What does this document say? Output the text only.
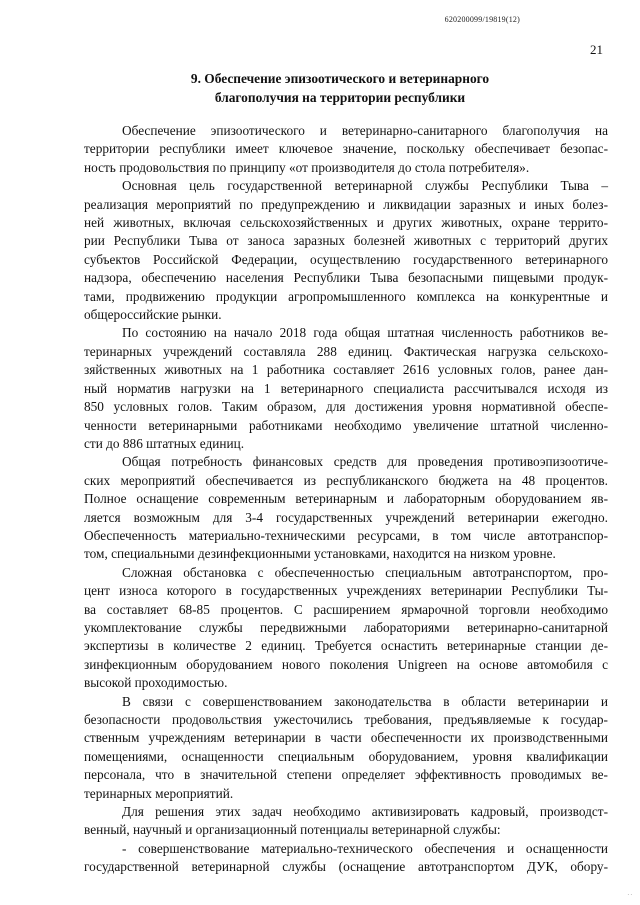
620200099/19819(12)
21
9. Обеспечение эпизоотического и ветеринарного
благополучия на территории республики
Обеспечение эпизоотического и ветеринарно-санитарного благополучия на
территории республики имеет ключевое значение, поскольку обеспечивает безопас-
ность продовольствия по принципу «от производителя до стола потребителя».
Основная цель государственной ветеринарной службы Республики Тыва –
реализация мероприятий по предупреждению и ликвидации заразных и иных болез-
ней животных, включая сельскохозяйственных и других животных, охране террито-
рии Республики Тыва от заноса заразных болезней животных с территорий других
субъектов Российской Федерации, осуществлению государственного ветеринарного
надзора, обеспечению населения Республики Тыва безопасными пищевыми продук-
тами, продвижению продукции агропромышленного комплекса на конкурентные и
общероссийские рынки.
По состоянию на начало 2018 года общая штатная численность работников ве-
теринарных учреждений составляла 288 единиц. Фактическая нагрузка сельскохо-
зяйственных животных на 1 работника составляет 2616 условных голов, ранее дан-
ный норматив нагрузки на 1 ветеринарного специалиста рассчитывался исходя из
850 условных голов. Таким образом, для достижения уровня нормативной обеспе-
ченности ветеринарными работниками необходимо увеличение штатной численно-
сти до 886 штатных единиц.
Общая потребность финансовых средств для проведения противоэпизоотиче-
ских мероприятий обеспечивается из республиканского бюджета на 48 процентов.
Полное оснащение современным ветеринарным и лабораторным оборудованием яв-
ляется возможным для 3-4 государственных учреждений ветеринарии ежегодно.
Обеспеченность материально-техническими ресурсами, в том числе автотранспор-
том, специальными дезинфекционными установками, находится на низком уровне.
Сложная обстановка с обеспеченностью специальным автотранспортом, про-
цент износа которого в государственных учреждениях ветеринарии Республики Ты-
ва составляет 68-85 процентов. С расширением ярмарочной торговли необходимо
укомплектование службы передвижными лабораториями ветеринарно-санитарной
экспертизы в количестве 2 единиц. Требуется оснастить ветеринарные станции де-
зинфекционным оборудованием нового поколения Unigreen на основе автомобиля с
высокой проходимостью.
В связи с совершенствованием законодательства в области ветеринарии и
безопасности продовольствия ужесточились требования, предъявляемые к государ-
ственным учреждениям ветеринарии в части обеспеченности их производственными
помещениями, оснащенности специальным оборудованием, уровня квалификации
персонала, что в значительной степени определяет эффективность проводимых ве-
теринарных мероприятий.
Для решения этих задач необходимо активизировать кадровый, производст-
венный, научный и организационный потенциалы ветеринарной службы:
- совершенствование материально-технического обеспечения и оснащенности
государственной ветеринарной службы (оснащение автотранспортом ДУК, обору-
. .
